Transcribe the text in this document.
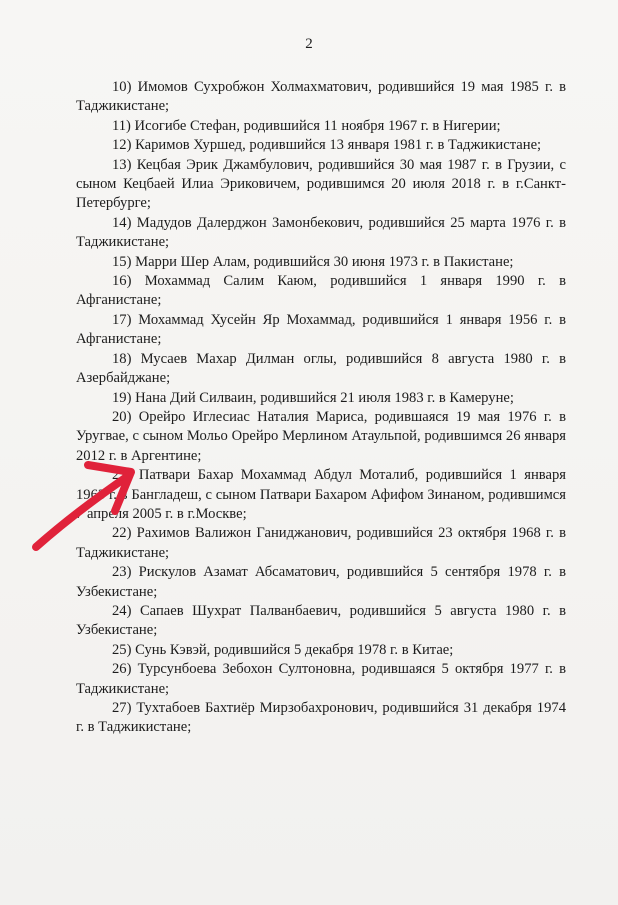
2
10) Имомов Сухробжон Холмахматович, родившийся 19 мая 1985 г. в Таджикистане;
11) Исогибе Стефан, родившийся 11 ноября 1967 г. в Нигерии;
12) Каримов Хуршед, родившийся 13 января 1981 г. в Таджикистане;
13) Кецбая Эрик Джамбулович, родившийся 30 мая 1987 г. в Грузии, с сыном Кецбаей Илиа Эриковичем, родившимся 20 июля 2018 г. в г.Санкт-Петербурге;
14) Мадудов Далерджон Замонбекович, родившийся 25 марта 1976 г. в Таджикистане;
15) Марри Шер Алам, родившийся 30 июня 1973 г. в Пакистане;
16) Мохаммад Салим Каюм, родившийся 1 января 1990 г. в Афганистане;
17) Мохаммад Хусейн Яр Мохаммад, родившийся 1 января 1956 г. в Афганистане;
18) Мусаев Махар Дилман оглы, родившийся 8 августа 1980 г. в Азербайджане;
19) Нана Дий Силваин, родившийся 21 июля 1983 г. в Камеруне;
20) Орейро Иглесиас Наталия Мариса, родившаяся 19 мая 1976 г. в Уругвае, с сыном Мольо Орейро Мерлином Атаульпой, родившимся 26 января 2012 г. в Аргентине;
21) Патвари Бахар Мохаммад Абдул Моталиб, родившийся 1 января 1963 г. в Бангладеш, с сыном Патвари Бахаром Афифом Зинаном, родившимся 7 апреля 2005 г. в г.Москве;
22) Рахимов Валижон Ганиджанович, родившийся 23 октября 1968 г. в Таджикистане;
23) Рискулов Азамат Абсаматович, родившийся 5 сентября 1978 г. в Узбекистане;
24) Сапаев Шухрат Палванбаевич, родившийся 5 августа 1980 г. в Узбекистане;
25) Сунь Кэвэй, родившийся 5 декабря 1978 г. в Китае;
26) Турсунбоева Зебохон Султоновна, родившаяся 5 октября 1977 г. в Таджикистане;
27) Тухтабоев Бахтиёр Мирзобахронович, родившийся 31 декабря 1974 г. в Таджикистане;
